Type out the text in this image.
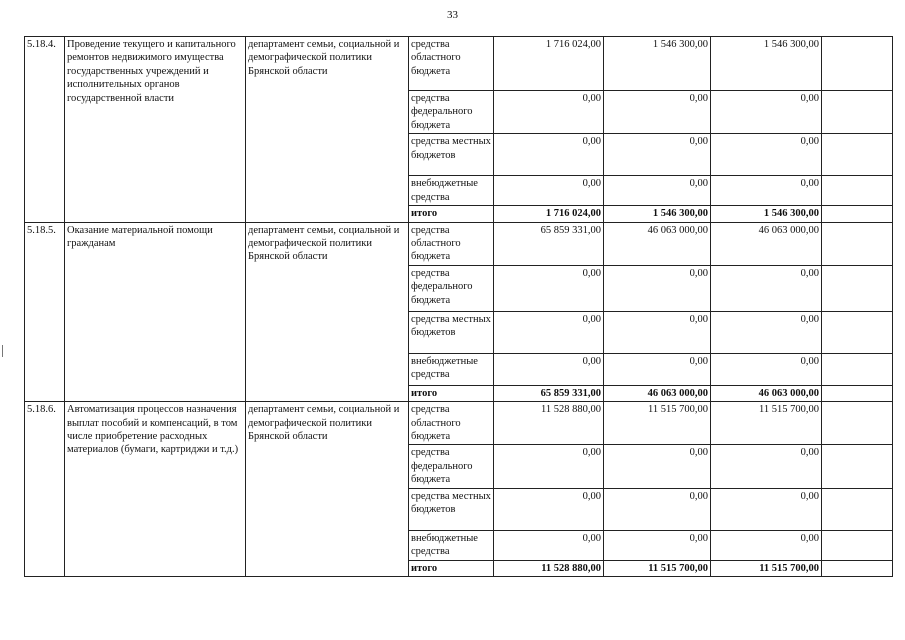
33
5.18.4.	Проведение текущего и капитального ремонтов недвижимого имущества государственных учреждений и исполнительных органов государственной власти	департамент семьи, социальной и демографической политики Брянской области	средства областного бюджета	1 716 024,00	1 546 300,00	1 546 300,00	
			средства федерального бюджета	0,00	0,00	0,00	
			средства местных бюджетов	0,00	0,00	0,00	
			внебюджетные средства	0,00	0,00	0,00	
			итого	1 716 024,00	1 546 300,00	1 546 300,00	
5.18.5.	Оказание материальной помощи гражданам	департамент семьи, социальной и демографической политики Брянской области	средства областного бюджета	65 859 331,00	46 063 000,00	46 063 000,00	
			средства федерального бюджета	0,00	0,00	0,00	
			средства местных бюджетов	0,00	0,00	0,00	
			внебюджетные средства	0,00	0,00	0,00	
			итого	65 859 331,00	46 063 000,00	46 063 000,00	
5.18.6.	Автоматизация процессов назначения выплат пособий и компенсаций, в том числе приобретение расходных материалов (бумаги, картриджи и т.д.)	департамент семьи, социальной и демографической политики Брянской области	средства областного бюджета	11 528 880,00	11 515 700,00	11 515 700,00	
			средства федерального бюджета	0,00	0,00	0,00	
			средства местных бюджетов	0,00	0,00	0,00	
			внебюджетные средства	0,00	0,00	0,00	
			итого	11 528 880,00	11 515 700,00	11 515 700,00	
